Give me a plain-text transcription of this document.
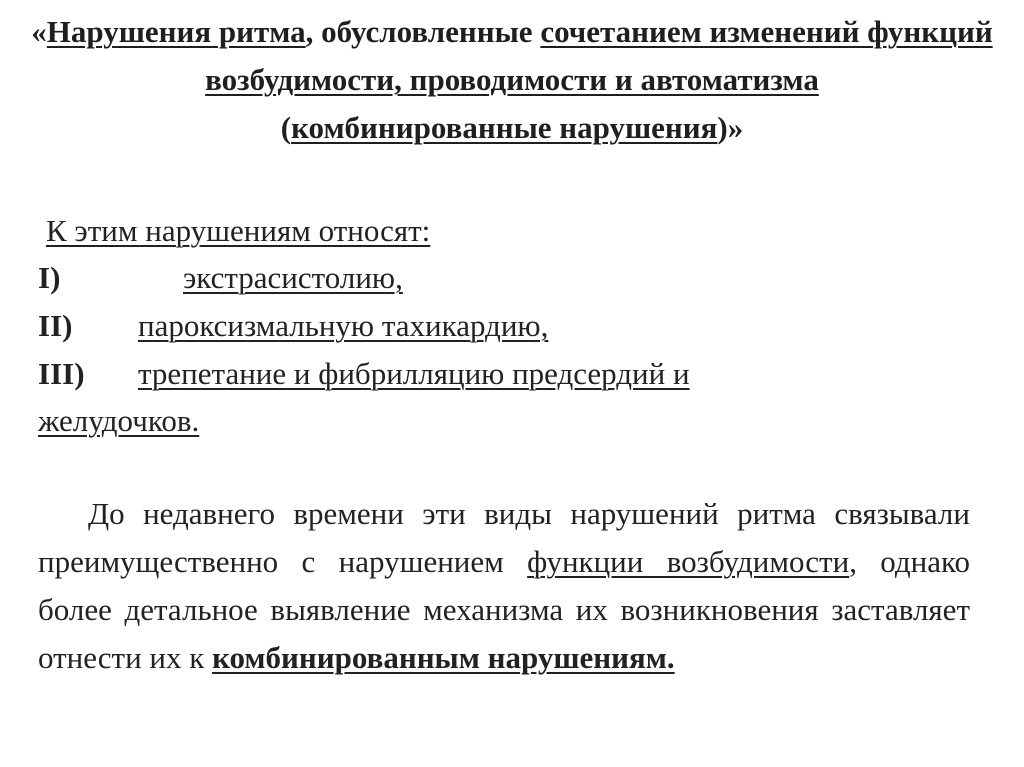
«Нарушения ритма, обусловленные сочетанием изменений функций возбудимости, проводимости и автоматизма
(комбинированные нарушения)»
К этим нарушениям относят:
I)	экстрасистолию,
II) пароксизмальную тахикардию,
III) трепетание и фибрилляцию предсердий и
желудочков.
До недавнего времени эти виды нарушений ритма связывали преимущественно с нарушением функции возбудимости, однако более детальное выявление механизма их возникновения заставляет отнести их к комбинированным нарушениям.
